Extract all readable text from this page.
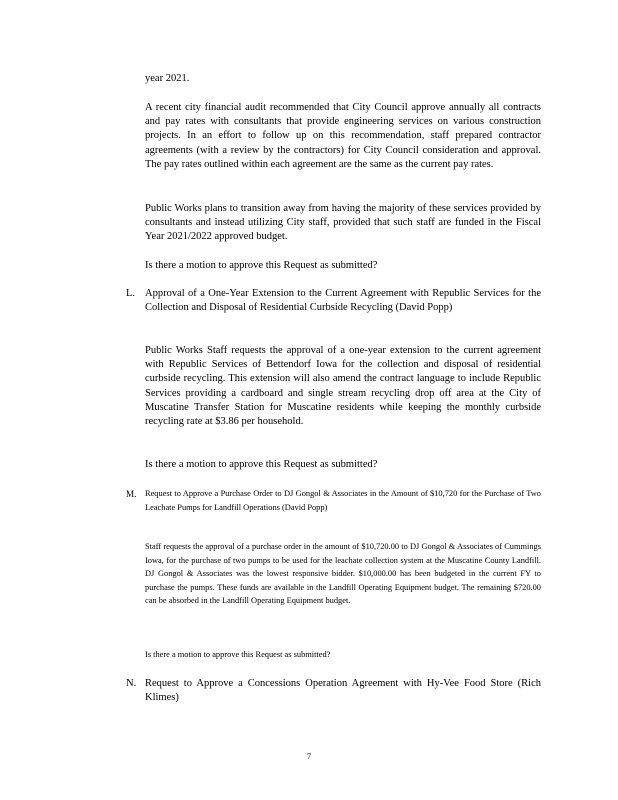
year 2021.

A recent city financial audit recommended that City Council approve annually all contracts and pay rates with consultants that provide engineering services on various construction projects. In an effort to follow up on this recommendation, staff prepared contractor agreements (with a review by the contractors) for City Council consideration and approval. The pay rates outlined within each agreement are the same as the current pay rates.

Public Works plans to transition away from having the majority of these services provided by consultants and instead utilizing City staff, provided that such staff are funded in the Fiscal Year 2021/2022 approved budget.

Is there a motion to approve this Request as submitted?

L. Approval of a One-Year Extension to the Current Agreement with Republic Services for the Collection and Disposal of Residential Curbside Recycling (David Popp)

Public Works Staff requests the approval of a one-year extension to the current agreement with Republic Services of Bettendorf Iowa for the collection and disposal of residential curbside recycling. This extension will also amend the contract language to include Republic Services providing a cardboard and single stream recycling drop off area at the City of Muscatine Transfer Station for Muscatine residents while keeping the monthly curbside recycling rate at $3.86 per household.

Is there a motion to approve this Request as submitted?

M. Request to Approve a Purchase Order to DJ Gongol & Associates in the Amount of $10,720 for the Purchase of Two Leachate Pumps for Landfill Operations (David Popp)

Staff requests the approval of a purchase order in the amount of $10,720.00 to DJ Gongol & Associates of Cummings Iowa, for the purchase of two pumps to be used for the leachate collection system at the Muscatine County Landfill. DJ Gongol & Associates was the lowest responsive bidder. $10,000.00 has been budgeted in the current FY to purchase the pumps. These funds are available in the Landfill Operating Equipment budget. The remaining $720.00 can be absorbed in the Landfill Operating Equipment budget.

Is there a motion to approve this Request as submitted?

N. Request to Approve a Concessions Operation Agreement with Hy-Vee Food Store (Rich Klimes)

7
